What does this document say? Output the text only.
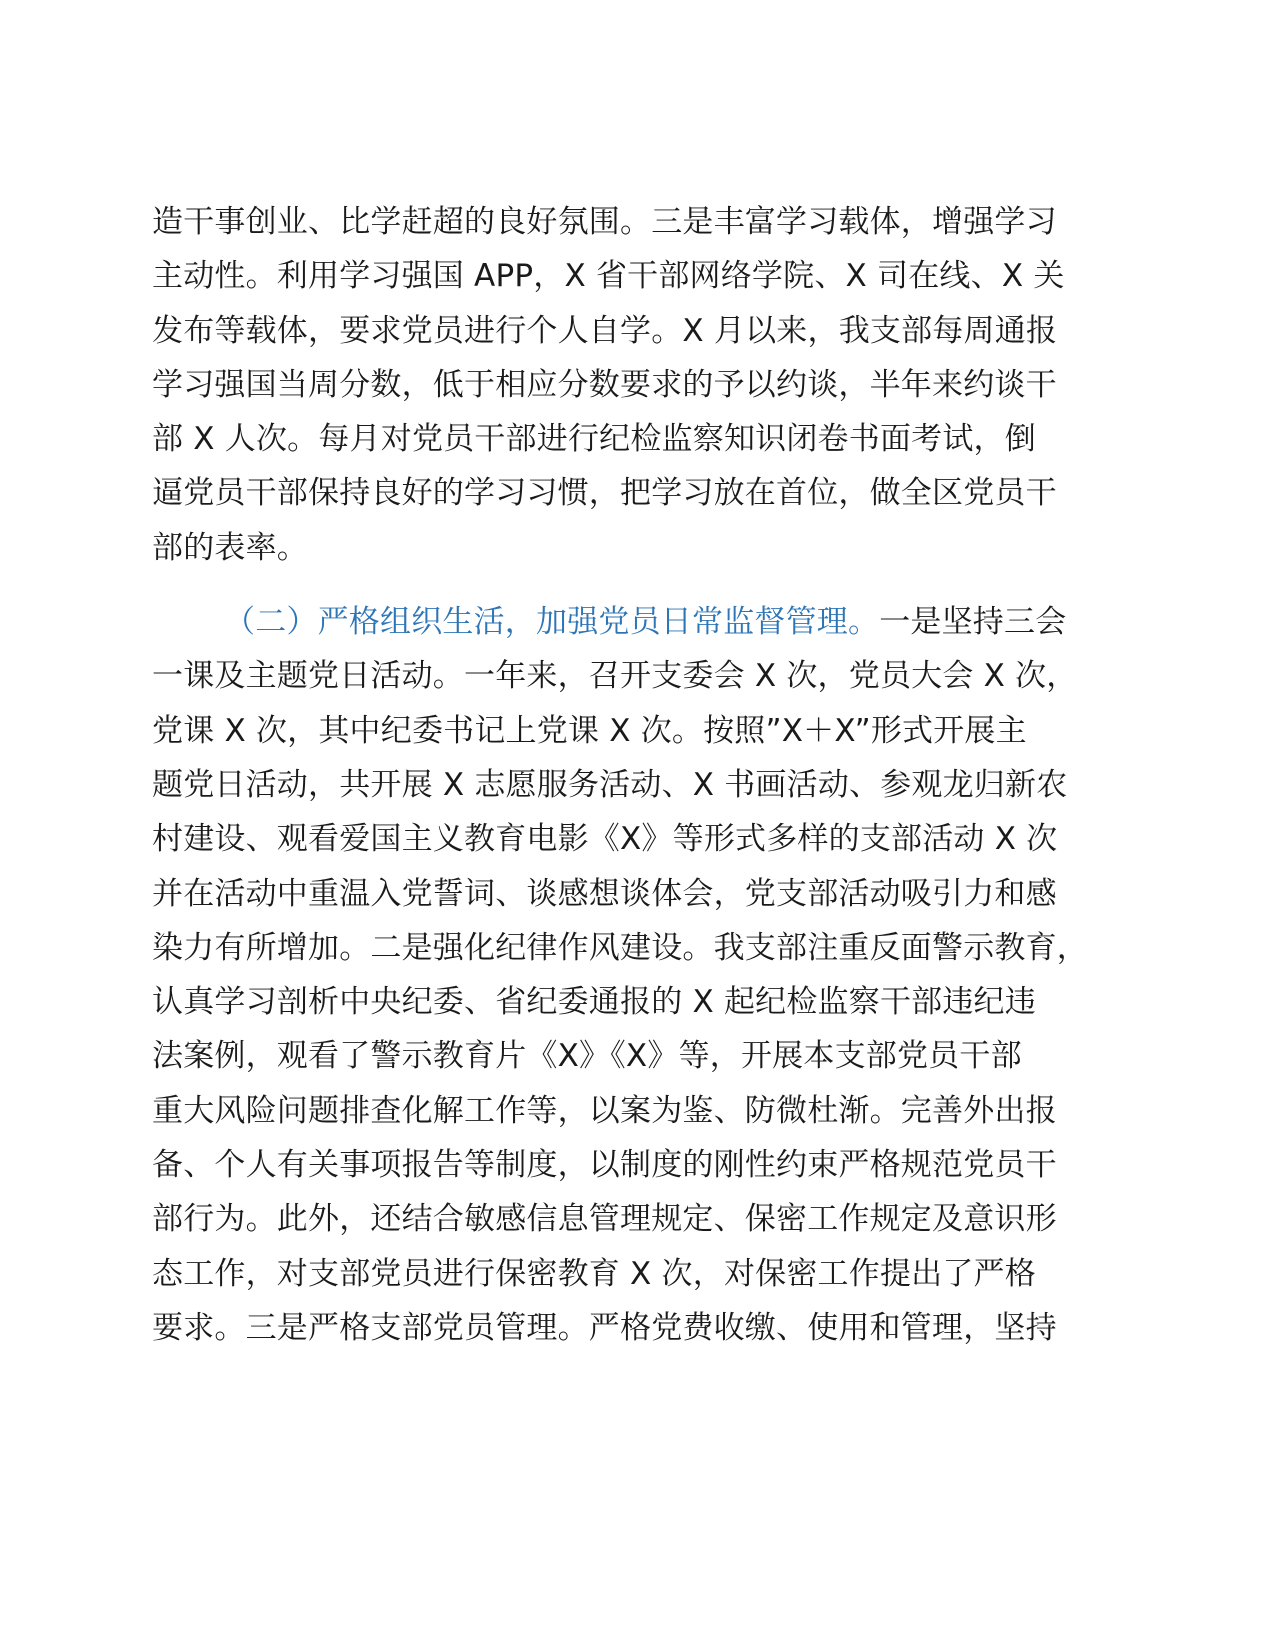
造干事创业、比学赶超的良好氛围。三是丰富学习载体，增强学习
主动性。利用学习强国 APP，X 省干部网络学院、X 司在线、X 关
发布等载体，要求党员进行个人自学。X 月以来，我支部每周通报
学习强国当周分数，低于相应分数要求的予以约谈，半年来约谈干
部 X 人次。每月对党员干部进行纪检监察知识闭卷书面考试，倒
逼党员干部保持良好的学习习惯，把学习放在首位，做全区党员干
部的表率。
（二）严格组织生活，加强党员日常监督管理。一是坚持三会
一课及主题党日活动。一年来，召开支委会 X 次，党员大会 X 次，
党课 X 次，其中纪委书记上党课 X 次。按照”X＋X”形式开展主
题党日活动，共开展 X 志愿服务活动、X 书画活动、参观龙归新农
村建设、观看爱国主义教育电影《X》等形式多样的支部活动 X 次
并在活动中重温入党誓词、谈感想谈体会，党支部活动吸引力和感
染力有所增加。二是强化纪律作风建设。我支部注重反面警示教育，
认真学习剖析中央纪委、省纪委通报的 X 起纪检监察干部违纪违
法案例，观看了警示教育片《X》《X》等，开展本支部党员干部
重大风险问题排查化解工作等，以案为鉴、防微杜渐。完善外出报
备、个人有关事项报告等制度，以制度的刚性约束严格规范党员干
部行为。此外，还结合敏感信息管理规定、保密工作规定及意识形
态工作，对支部党员进行保密教育 X 次，对保密工作提出了严格
要求。三是严格支部党员管理。严格党费收缴、使用和管理，坚持
